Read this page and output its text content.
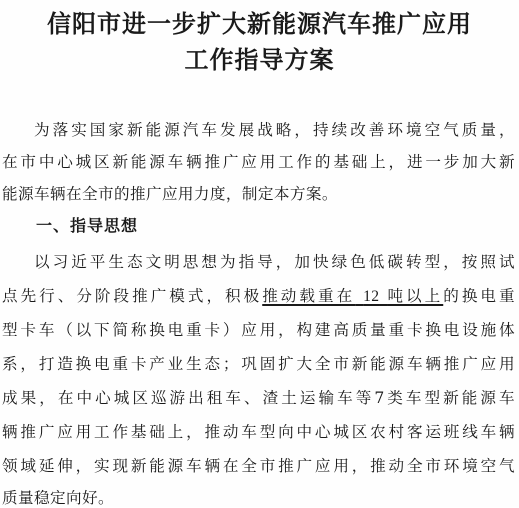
信阳市进一步扩大新能源汽车推广应用
工作指导方案

为落实国家新能源汽车发展战略，持续改善环境空气质量，

在市中心城区新能源车辆推广应用工作的基础上，进一步加大新

能源车辆在全市的推广应用力度，制定本方案。

一、指导思想

以习近平生态文明思想为指导，加快绿色低碳转型，按照试

点先行、分阶段推广模式，积极推动载重在 12 吨以上的换电重

型卡车（以下简称换电重卡）应用，构建高质量重卡换电设施体

系，打造换电重卡产业生态；巩固扩大全市新能源车辆推广应用

成果，在中心城区巡游出租车、渣土运输车等7类车型新能源车

辆推广应用工作基础上，推动车型向中心城区农村客运班线车辆

领域延伸，实现新能源车辆在全市推广应用，推动全市环境空气

质量稳定向好。
